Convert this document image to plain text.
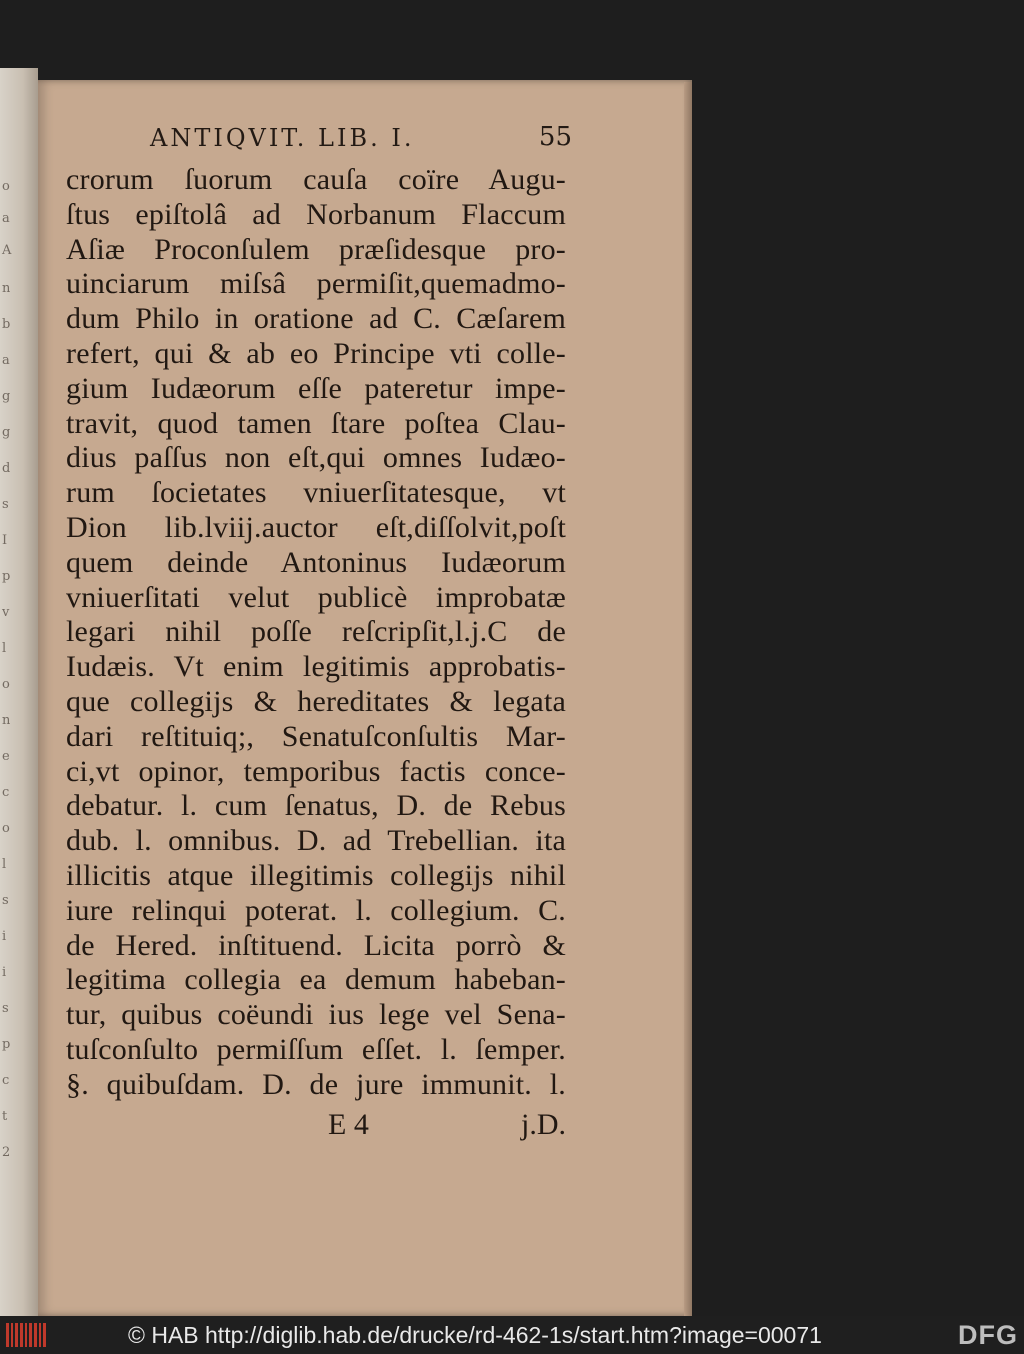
o
a
A
n
b
a
g
g
d
s
I
p
v
l
o
n
e
c
o
l
s
i
i
s
p
c
t
2
ANTIQVIT. LIB. I.	55
crorum ſuorum cauſa coïre Augu-
ſtus epiſtolâ ad Norbanum Flaccum
Aſiæ Proconſulem præſidesque pro-
uinciarum miſsâ permiſit,quemadmo-
dum Philo in oratione ad C. Cæſarem
refert, qui & ab eo Principe vti colle-
gium Iudæorum eſſe pateretur impe-
travit, quod tamen ſtare poſtea Clau-
dius paſſus non eſt,qui omnes Iudæo-
rum ſocietates vniuerſitatesque, vt
Dion lib.lviij.auctor eſt,diſſolvit,poſt
quem deinde Antoninus Iudæorum
vniuerſitati velut publicè improbatæ
legari nihil poſſe reſcripſit,l.j.C de
Iudæis. Vt enim legitimis approbatis-
que collegijs & hereditates & legata
dari reſtituiq;, Senatuſconſultis Mar-
ci,vt opinor, temporibus factis conce-
debatur. l. cum ſenatus, D. de Rebus
dub. l. omnibus. D. ad Trebellian. ita
illicitis atque illegitimis collegijs nihil
iure relinqui poterat. l. collegium. C.
de Hered. inſtituend. Licita porrò &
legitima collegia ea demum habeban-
tur, quibus coëundi ius lege vel Sena-
tuſconſulto permiſſum eſſet. l. ſemper.
§. quibuſdam. D. de jure immunit. l.
E 4	j.D.
© HAB http://diglib.hab.de/drucke/rd-462-1s/start.htm?image=00071	DFG
